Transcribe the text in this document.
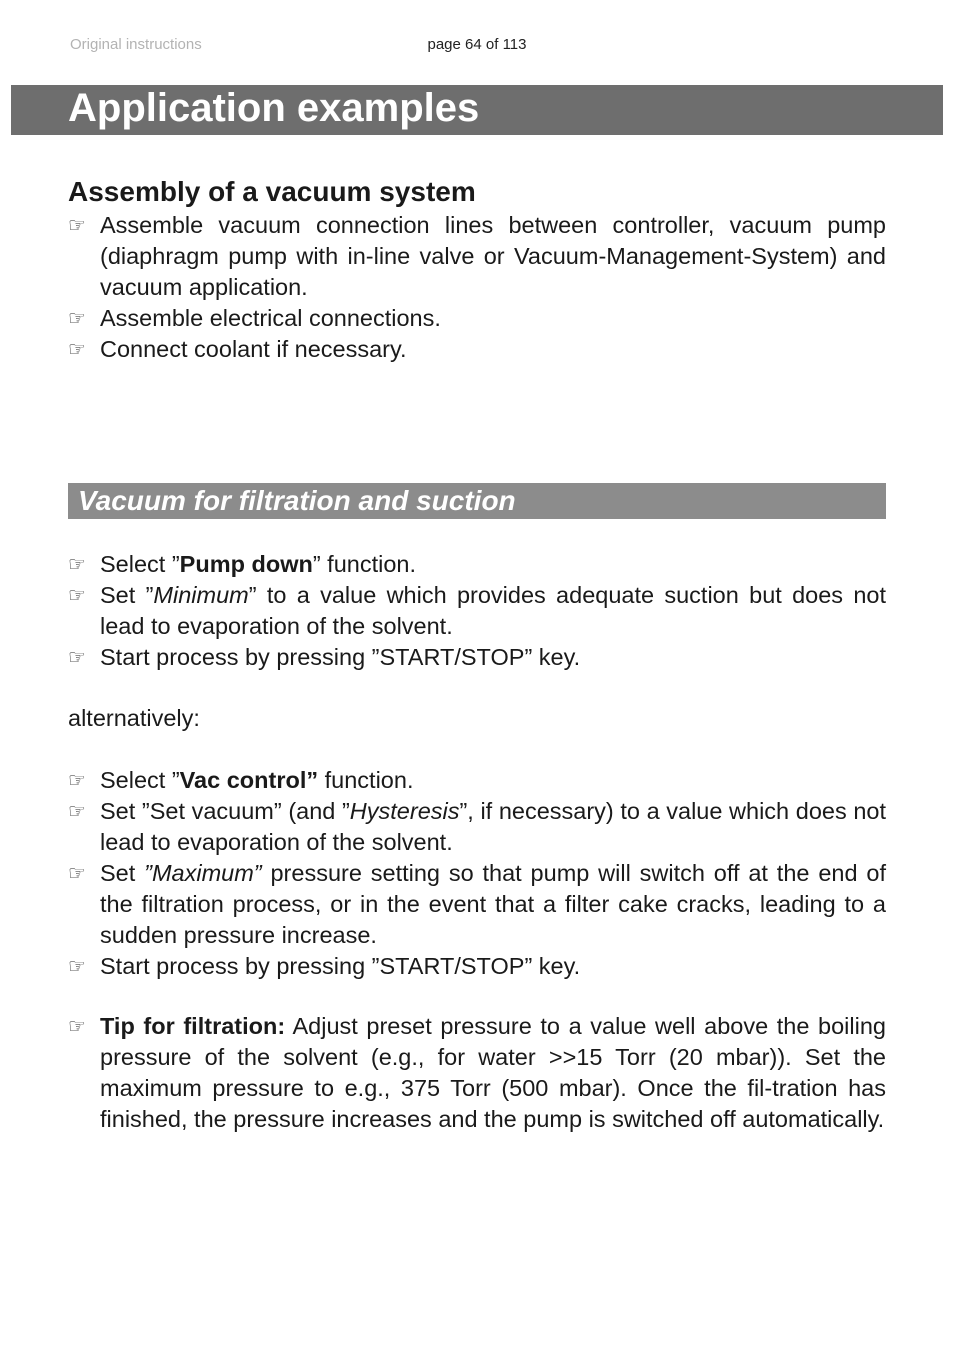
Original instructions	page 64 of 113
Application examples
Assembly of a vacuum system
☞ Assemble vacuum connection lines between controller, vacuum pump (diaphragm pump with in-line valve or Vacuum-Management-System) and vacuum application.
☞ Assemble electrical connections.
☞ Connect coolant if necessary.
Vacuum for filtration and suction
☞ Select ”Pump down” function.
☞ Set ”Minimum” to a value which provides adequate suction but does not lead to evaporation of the solvent.
☞ Start process by pressing ”START/STOP” key.
alternatively:
☞ Select ”Vac control” function.
☞ Set ”Set vacuum” (and ”Hysteresis”, if necessary) to a value which does not lead to evaporation of the solvent.
☞ Set ”Maximum” pressure setting so that pump will switch off at the end of the filtration process, or in the event that a filter cake cracks, leading to a sudden pressure increase.
☞ Start process by pressing ”START/STOP” key.
☞ Tip for filtration: Adjust preset pressure to a value well above the boiling pressure of the solvent (e.g., for water >>15 Torr (20 mbar)). Set the maximum pressure to e.g., 375 Torr (500 mbar). Once the fil-tration has finished, the pressure increases and the pump is switched off automatically.
